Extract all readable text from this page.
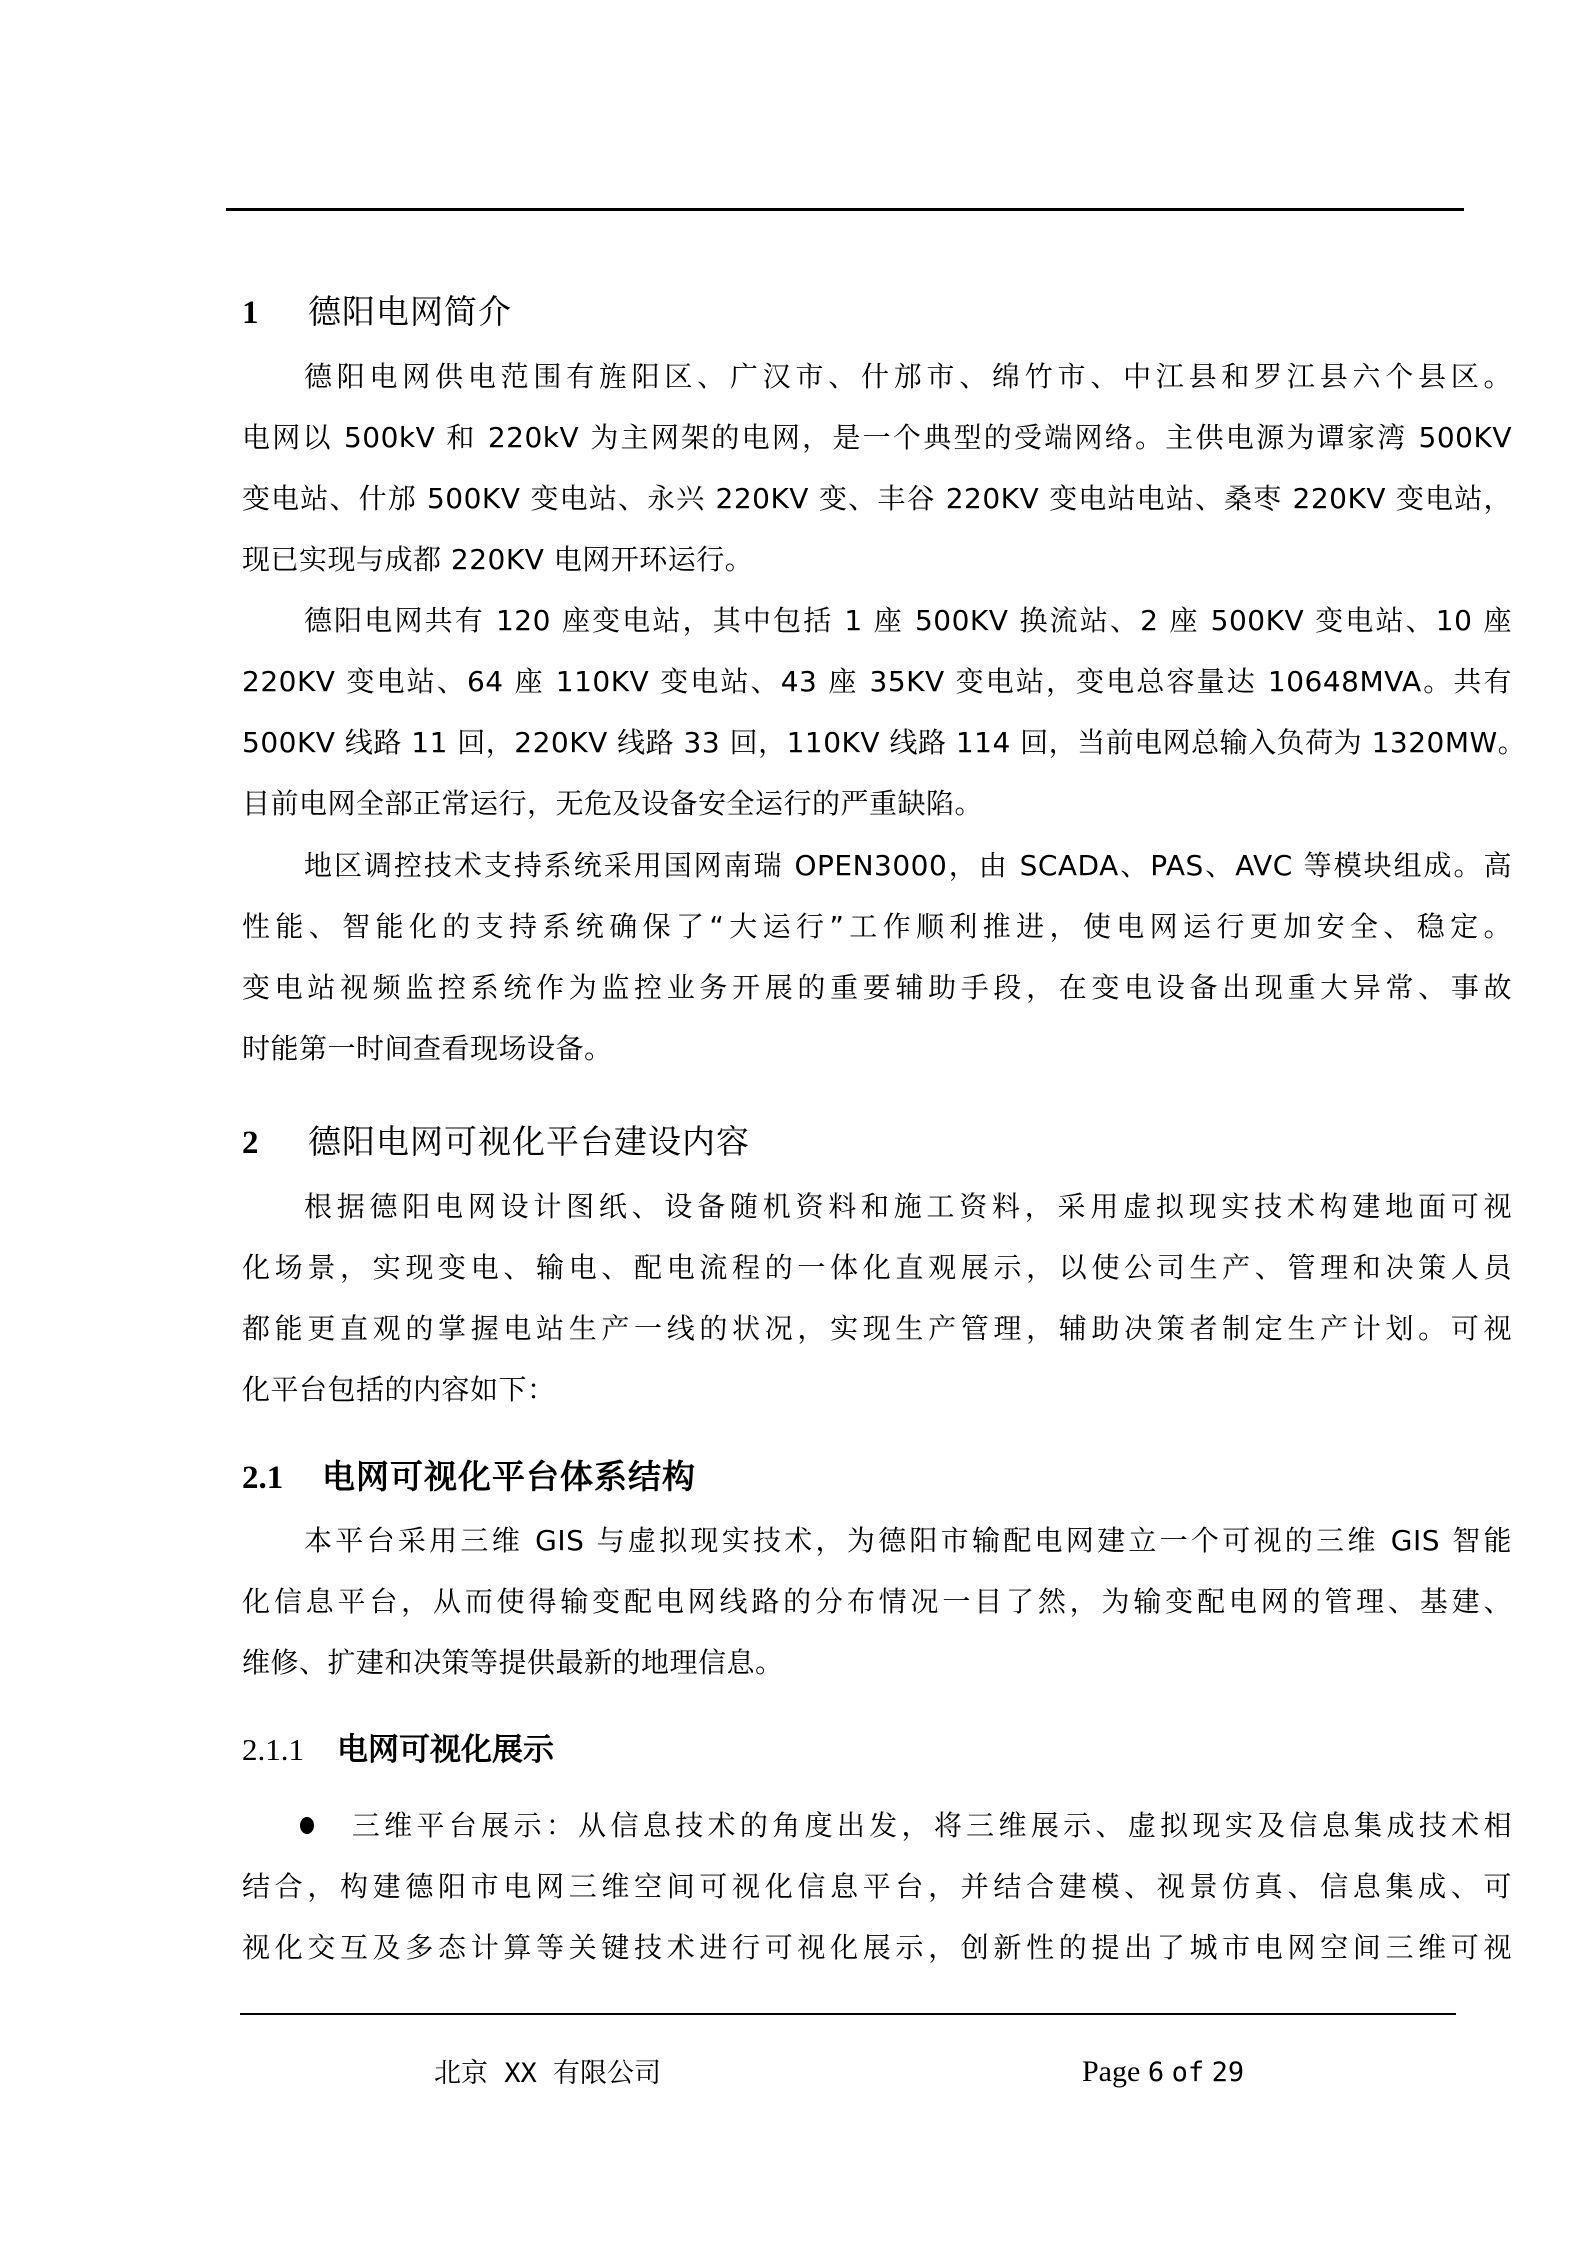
1 德阳电网简介
德阳电网供电范围有旌阳区、广汉市、什邡市、绵竹市、中江县和罗江县六个县区。
电网以 500kV 和 220kV 为主网架的电网，是一个典型的受端网络。主供电源为谭家湾 500KV
变电站、什邡 500KV 变电站、永兴 220KV 变、丰谷 220KV 变电站电站、桑枣 220KV 变电站，
现已实现与成都 220KV 电网开环运行。
德阳电网共有 120 座变电站，其中包括 1 座 500KV 换流站、2 座 500KV 变电站、10 座
220KV 变电站、64 座 110KV 变电站、43 座 35KV 变电站，变电总容量达 10648MVA。共有
500KV 线路 11 回，220KV 线路 33 回，110KV 线路 114 回，当前电网总输入负荷为 1320MW。
目前电网全部正常运行，无危及设备安全运行的严重缺陷。
地区调控技术支持系统采用国网南瑞 OPEN3000，由 SCADA、PAS、AVC 等模块组成。高
性能、智能化的支持系统确保了“大运行”工作顺利推进，使电网运行更加安全、稳定。
变电站视频监控系统作为监控业务开展的重要辅助手段，在变电设备出现重大异常、事故
时能第一时间查看现场设备。
2 德阳电网可视化平台建设内容
根据德阳电网设计图纸、设备随机资料和施工资料，采用虚拟现实技术构建地面可视
化场景，实现变电、输电、配电流程的一体化直观展示，以使公司生产、管理和决策人员
都能更直观的掌握电站生产一线的状况，实现生产管理，辅助决策者制定生产计划。可视
化平台包括的内容如下：
2.1 电网可视化平台体系结构
本平台采用三维 GIS 与虚拟现实技术，为德阳市输配电网建立一个可视的三维 GIS 智能
化信息平台，从而使得输变配电网线路的分布情况一目了然，为输变配电网的管理、基建、
维修、扩建和决策等提供最新的地理信息。
2.1.1 电网可视化展示
三维平台展示：从信息技术的角度出发，将三维展示、虚拟现实及信息集成技术相
结合，构建德阳市电网三维空间可视化信息平台，并结合建模、视景仿真、信息集成、可
视化交互及多态计算等关键技术进行可视化展示，创新性的提出了城市电网空间三维可视
北京 XX 有限公司	Page 6 of 29
